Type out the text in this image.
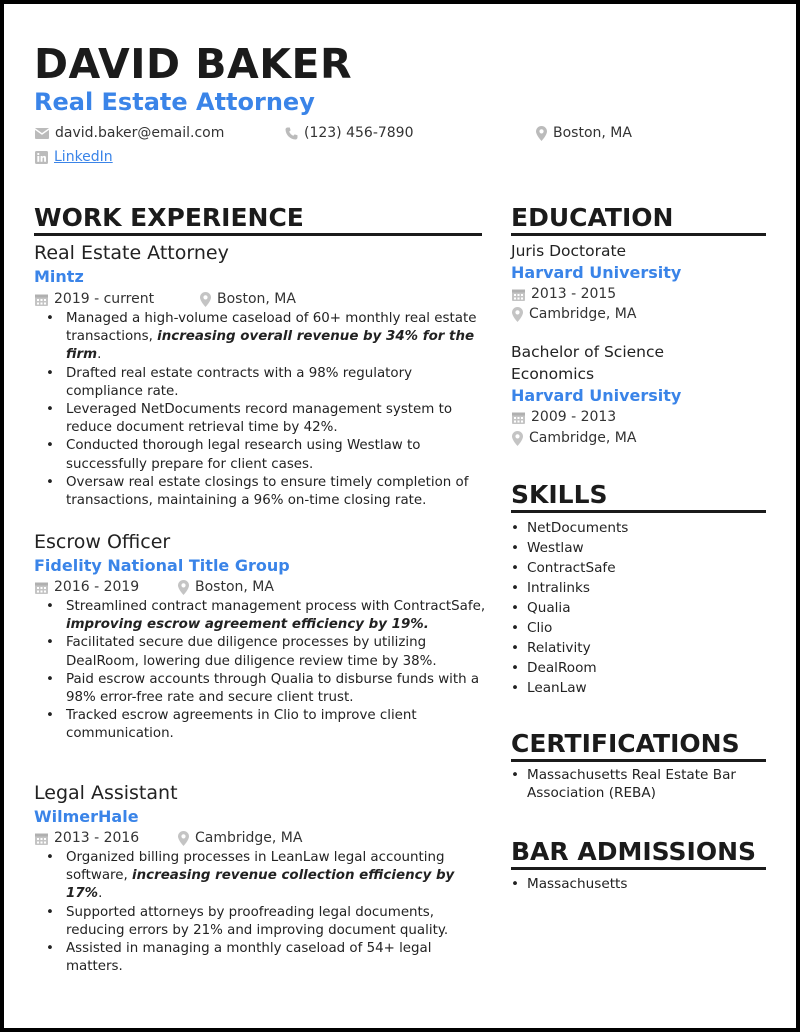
DAVID BAKER
Real Estate Attorney
david.baker@email.com	(123) 456-7890	Boston, MA
LinkedIn
WORK EXPERIENCE
Real Estate Attorney
Mintz
2019 - current	Boston, MA
• Managed a high-volume caseload of 60+ monthly real estate transactions, increasing overall revenue by 34% for the firm.
• Drafted real estate contracts with a 98% regulatory compliance rate.
• Leveraged NetDocuments record management system to reduce document retrieval time by 42%.
• Conducted thorough legal research using Westlaw to successfully prepare for client cases.
• Oversaw real estate closings to ensure timely completion of transactions, maintaining a 96% on-time closing rate.
Escrow Officer
Fidelity National Title Group
2016 - 2019	Boston, MA
• Streamlined contract management process with ContractSafe, improving escrow agreement efficiency by 19%.
• Facilitated secure due diligence processes by utilizing DealRoom, lowering due diligence review time by 38%.
• Paid escrow accounts through Qualia to disburse funds with a 98% error-free rate and secure client trust.
• Tracked escrow agreements in Clio to improve client communication.
Legal Assistant
WilmerHale
2013 - 2016	Cambridge, MA
• Organized billing processes in LeanLaw legal accounting software, increasing revenue collection efficiency by 17%.
• Supported attorneys by proofreading legal documents, reducing errors by 21% and improving document quality.
• Assisted in managing a monthly caseload of 54+ legal matters.
EDUCATION
Juris Doctorate
Harvard University
2013 - 2015
Cambridge, MA
Bachelor of Science Economics
Harvard University
2009 - 2013
Cambridge, MA
SKILLS
• NetDocuments
• Westlaw
• ContractSafe
• Intralinks
• Qualia
• Clio
• Relativity
• DealRoom
• LeanLaw
CERTIFICATIONS
• Massachusetts Real Estate Bar Association (REBA)
BAR ADMISSIONS
• Massachusetts
